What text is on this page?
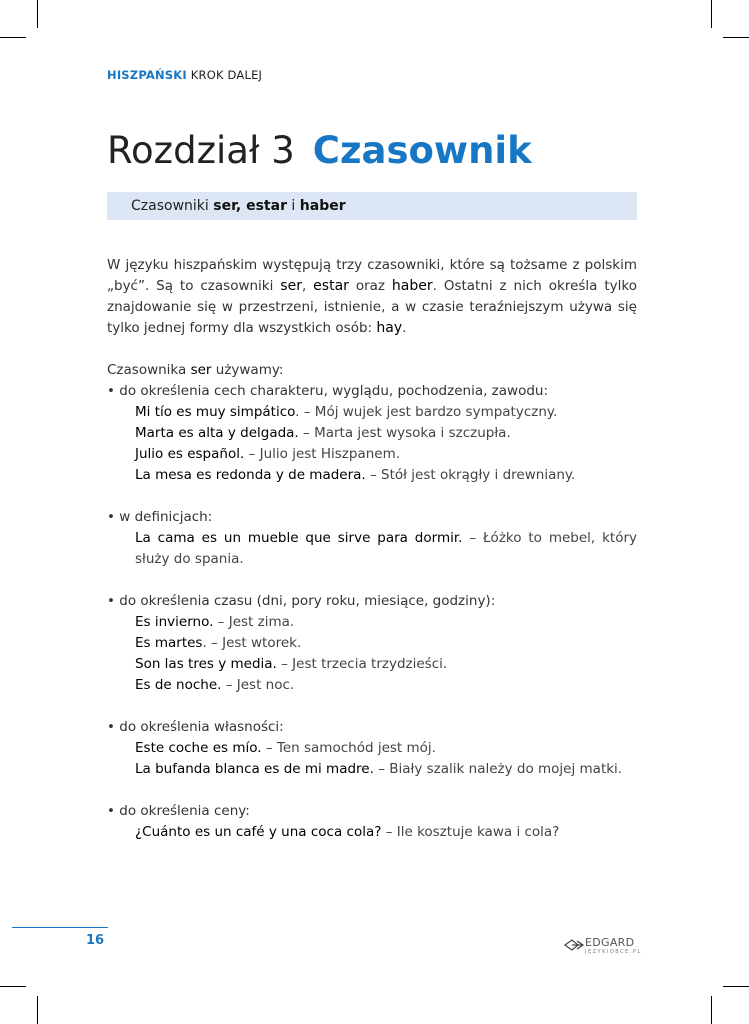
HISZPAŃSKI KROK DALEJ
Rozdział 3 Czasownik
Czasowniki ser, estar i haber
W języku hiszpańskim występują trzy czasowniki, które są tożsame z polskim „być”. Są to czasowniki ser, estar oraz haber. Ostatni z nich określa tylko znajdowanie się w przestrzeni, istnienie, a w czasie teraźniejszym używa się tylko jednej formy dla wszystkich osób: hay.

Czasownika ser używamy:

• do określenia cech charakteru, wyglądu, pochodzenia, zawodu:

Mi tío es muy simpático. – Mój wujek jest bardzo sympatyczny.

Marta es alta y delgada. – Marta jest wysoka i szczupła.

Julio es español. – Julio jest Hiszpanem.

La mesa es redonda y de madera. – Stół jest okrągły i drewniany.

• w definicjach:

La cama es un mueble que sirve para dormir. – Łóżko to mebel, który służy do spania.

• do określenia czasu (dni, pory roku, miesiące, godziny):

Es invierno. – Jest zima.

Es martes. – Jest wtorek.

Son las tres y media. – Jest trzecia trzydzieści.

Es de noche. – Jest noc.

• do określenia własności:

Este coche es mío. – Ten samochód jest mój.

La bufanda blanca es de mi madre. – Biały szalik należy do mojej matki.

• do określenia ceny:

¿Cuánto es un café y una coca cola? – Ile kosztuje kawa i cola?

16	EDGARD
JĘZYKIOBCE.PL
